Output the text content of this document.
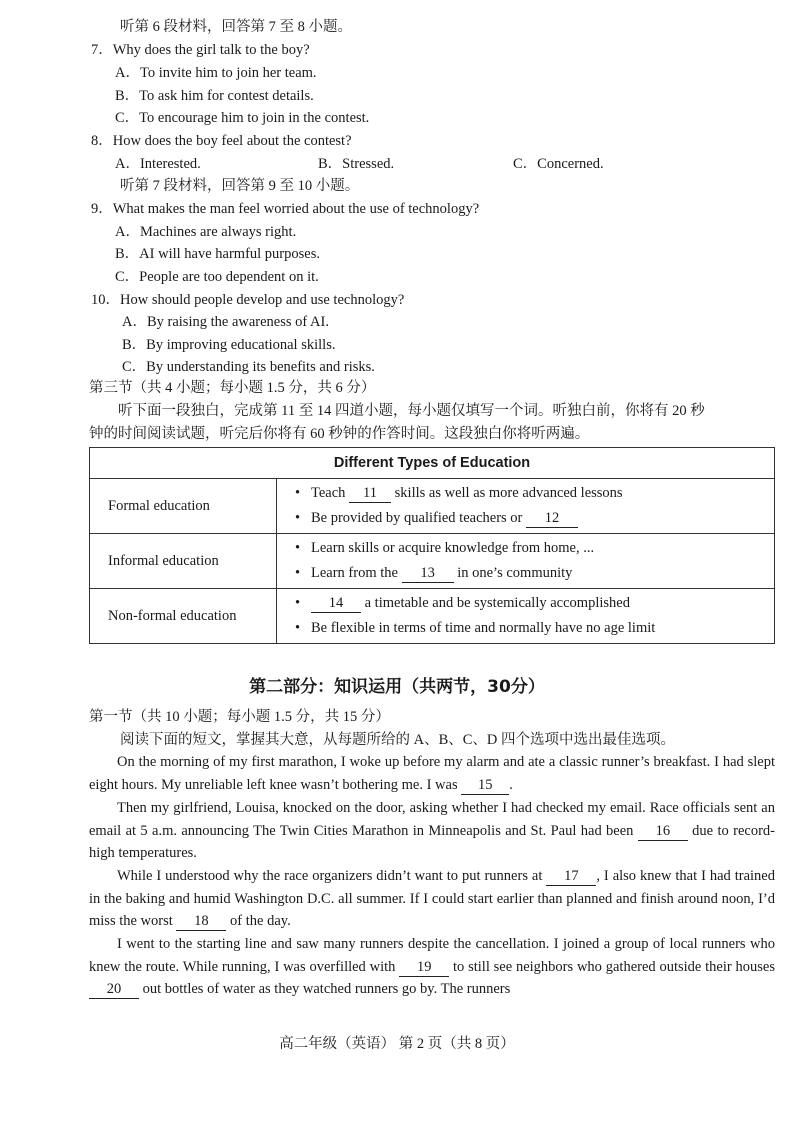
听第 6 段材料，回答第 7 至 8 小题。
7．Why does the girl talk to the boy?
A．To invite him to join her team.
B．To ask him for contest details.
C．To encourage him to join in the contest.
8．How does the boy feel about the contest?
A．Interested.	B．Stressed.	C．Concerned.
听第 7 段材料，回答第 9 至 10 小题。
9．What makes the man feel worried about the use of technology?
A．Machines are always right.
B．AI will have harmful purposes.
C．People are too dependent on it.
10．How should people develop and use technology?
A．By raising the awareness of AI.
B．By improving educational skills.
C．By understanding its benefits and risks.
第三节（共 4 小题；每小题 1.5 分，共 6 分）
听下面一段独白，完成第 11 至 14 四道小题，每小题仅填写一个词。听独白前，你将有 20 秒
钟的时间阅读试题，听完后你将有 60 秒钟的作答时间。这段独白你将听两遍。
Different Types of Education	
Formal education	• Teach 11 skills as well as more advanced lessons
• Be provided by qualified teachers or 12

Informal education	• Learn skills or acquire knowledge from home, ...
• Learn from the 13 in one’s community

Non-formal education	• 14 a timetable and be systemically accomplished
• Be flexible in terms of time and normally have no age limit
第二部分：知识运用（共两节，30分）
第一节（共 10 小题；每小题 1.5 分，共 15 分）
阅读下面的短文，掌握其大意，从每题所给的 A、B、C、D 四个选项中选出最佳选项。
On the morning of my first marathon, I woke up before my alarm and ate a classic runner’s breakfast. I had slept eight hours. My unreliable left knee wasn’t bothering me. I was 15 .
Then my girlfriend, Louisa, knocked on the door, asking whether I had checked my email. Race officials sent an email at 5 a.m. announcing The Twin Cities Marathon in Minneapolis and St. Paul had been 16 due to record-high temperatures.
While I understood why the race organizers didn’t want to put runners at 17 , I also knew that I had trained in the baking and humid Washington D.C. all summer. If I could start earlier than planned and finish around noon, I’d miss the worst 18 of the day.
I went to the starting line and saw many runners despite the cancellation. I joined a group of local runners who knew the route. While running, I was overfilled with 19 to still see neighbors who gathered outside their houses 20 out bottles of water as they watched runners go by. The runners
高二年级（英语） 第 2 页（共 8 页）
